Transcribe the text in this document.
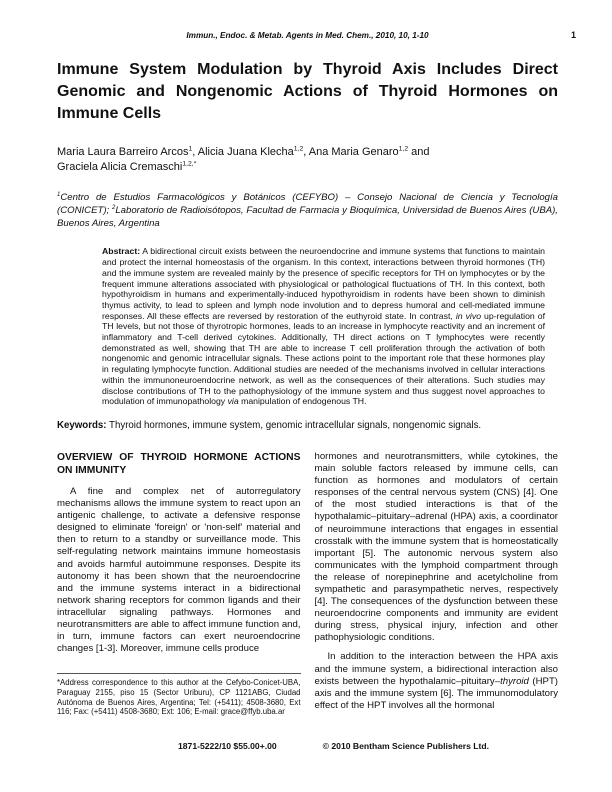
Immun., Endoc. & Metab. Agents in Med. Chem., 2010, 10, 1-10	1
Immune System Modulation by Thyroid Axis Includes Direct Genomic and Nongenomic Actions of Thyroid Hormones on Immune Cells
Maria Laura Barreiro Arcos$^1$, Alicia Juana Klecha$^{1,2}$, Ana Maria Genaro$^{1,2}$ and
Graciela Alicia Cremaschi$^{1,2,*}$
$^1$Centro de Estudios Farmacológicos y Botánicos (CEFYBO) – Consejo Nacional de Ciencia y Tecnología (CONICET); $^2$Laboratorio de Radioisótopos, Facultad de Farmacia y Bioquímica, Universidad de Buenos Aires (UBA), Buenos Aires, Argentina
Abstract: A bidirectional circuit exists between the neuroendocrine and immune systems that functions to maintain and protect the internal homeostasis of the organism. In this context, interactions between thyroid hormones (TH) and the immune system are revealed mainly by the presence of specific receptors for TH on lymphocytes or by the frequent immune alterations associated with physiological or pathological fluctuations of TH. In this context, both hypothyroidism in humans and experimentally-induced hypothyroidism in rodents have been shown to diminish thymus activity, to lead to spleen and lymph node involution and to depress humoral and cell-mediated immune responses. All these effects are reversed by restoration of the euthyroid state. In contrast, in vivo up-regulation of TH levels, but not those of thyrotropic hormones, leads to an increase in lymphocyte reactivity and an increment of inflammatory and T-cell derived cytokines. Additionally, TH direct actions on T lymphocytes were recently demonstrated as well, showing that TH are able to increase T cell proliferation through the activation of both nongenomic and genomic intracellular signals. These actions point to the important role that these hormones play in regulating lymphocyte function. Additional studies are needed of the mechanisms involved in cellular interactions within the immunoneuroendocrine network, as well as the consequences of their alterations. Such studies may disclose contributions of TH to the pathophysiology of the immune system and thus suggest novel approaches to modulation of immunopathology via manipulation of endogenous TH.
Keywords: Thyroid hormones, immune system, genomic intracellular signals, nongenomic signals.
OVERVIEW OF THYROID HORMONE ACTIONS ON IMMUNITY
A fine and complex net of autorregulatory mechanisms allows the immune system to react upon an antigenic challenge, to activate a defensive response designed to eliminate 'foreign' or 'non-self' material and then to return to a standby or surveillance mode. This self-regulating network maintains immune homeostasis and avoids harmful autoimmune responses. Despite its autonomy it has been shown that the neuroendocrine and the immune systems interact in a bidirectional network sharing receptors for common ligands and their intracellular signaling pathways. Hormones and neurotransmitters are able to affect immune function and, in turn, immune factors can exert neuroendocrine changes [1-3]. Moreover, immune cells produce
*Address correspondence to this author at the Cefybo-Conicet-UBA, Paraguay 2155, piso 15 (Sector Uriburu), CP 1121ABG, Ciudad Autónoma de Buenos Aires, Argentina; Tel: (+5411); 4508-3680, Ext 116; Fax: (+5411) 4508-3680; Ext: 106; E-mail: grace@ffyb.uba.ar
hormones and neurotransmitters, while cytokines, the main soluble factors released by immune cells, can function as hormones and modulators of certain responses of the central nervous system (CNS) [4]. One of the most studied interactions is that of the hypothalamic–pituitary–adrenal (HPA) axis, a coordinator of neuroimmune interactions that engages in essential crosstalk with the immune system that is homeostatically important [5]. The autonomic nervous system also communicates with the lymphoid compartment through the release of norepinephrine and acetylcholine from sympathetic and parasympathetic nerves, respectively [4]. The consequences of the dysfunction between these neuroendocrine components and immunity are evident during stress, physical injury, infection and other pathophysiologic conditions.
In addition to the interaction between the HPA axis and the immune system, a bidirectional interaction also exists between the hypothalamic–pituitary–thyroid (HPT) axis and the immune system [6]. The immunomodulatory effect of the HPT involves all the hormonal
1871-5222/10 $55.00+.00	© 2010 Bentham Science Publishers Ltd.
